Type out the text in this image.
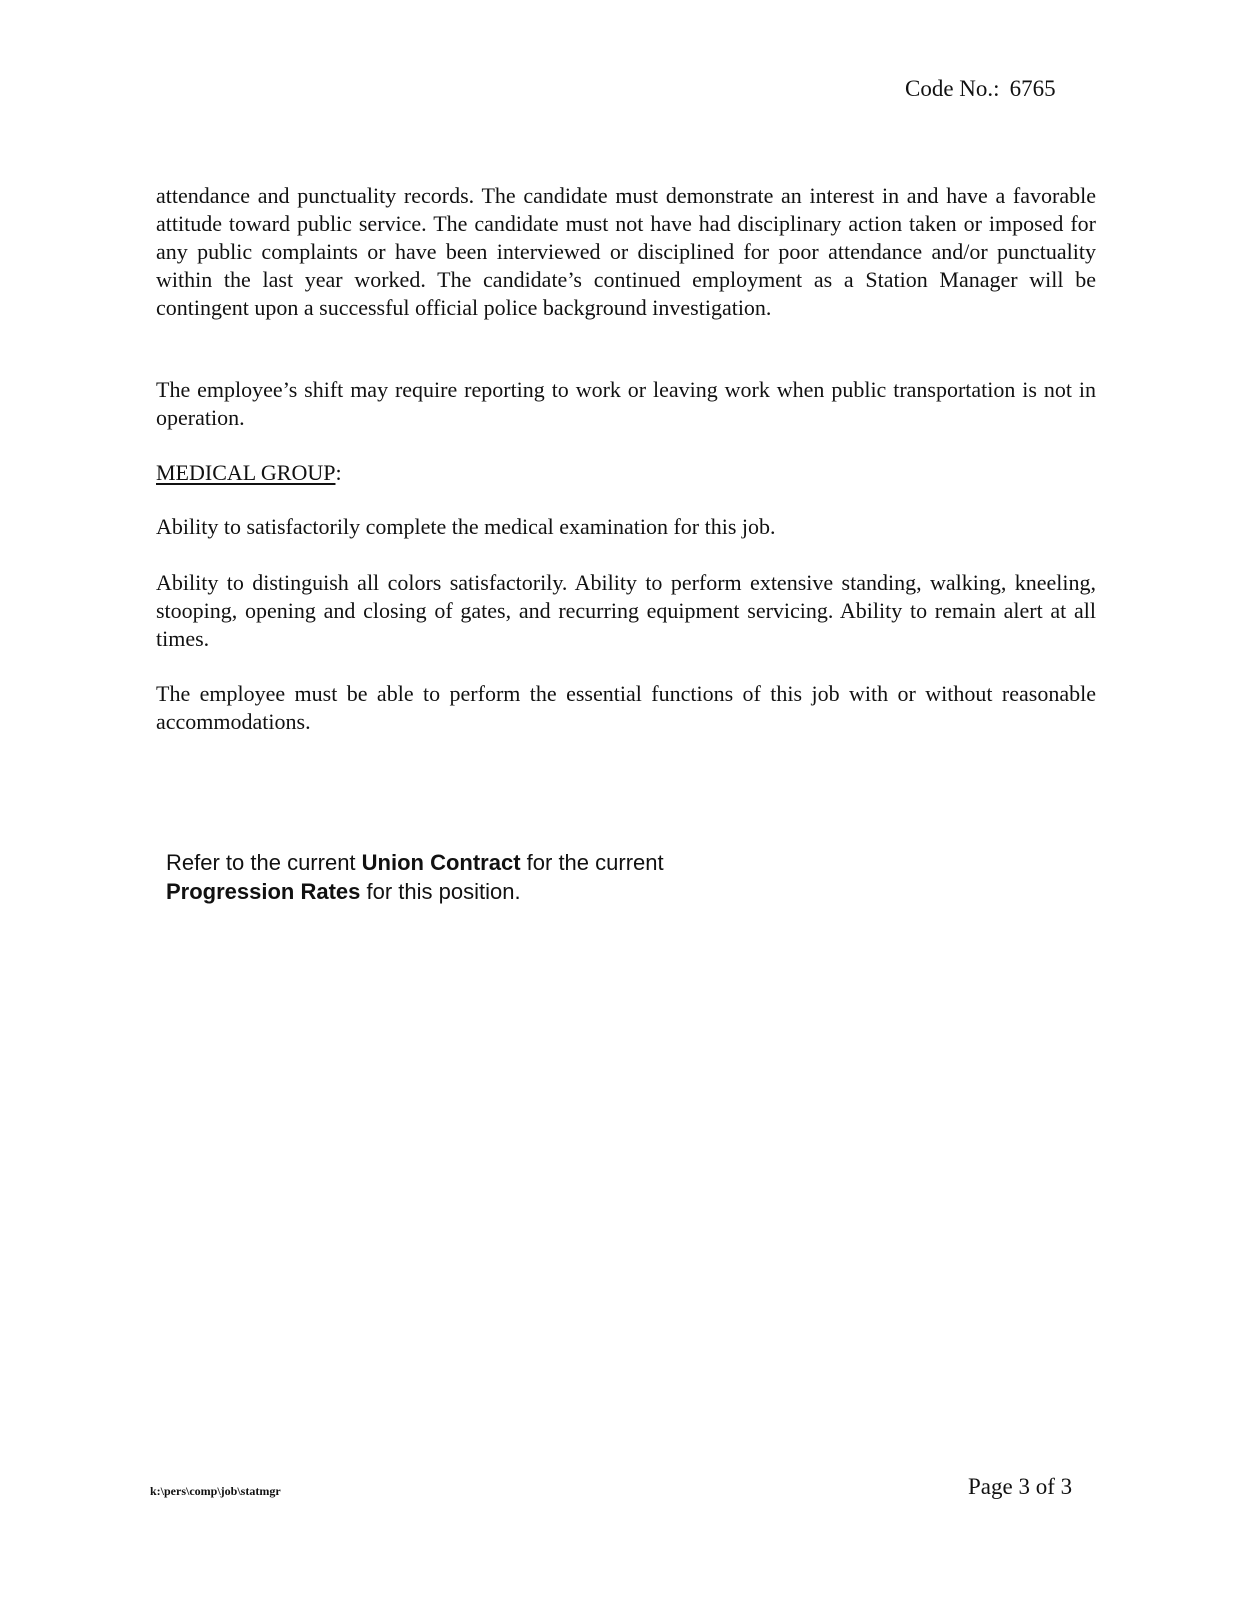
Code No.: 6765

attendance and punctuality records. The candidate must demonstrate an interest in and have a favorable attitude toward public service. The candidate must not have had disciplinary action taken or imposed for any public complaints or have been interviewed or disciplined for poor attendance and/or punctuality within the last year worked. The candidate’s continued employment as a Station Manager will be contingent upon a successful official police background investigation.

The employee’s shift may require reporting to work or leaving work when public transportation is not in operation.

MEDICAL GROUP:

Ability to satisfactorily complete the medical examination for this job.

Ability to distinguish all colors satisfactorily. Ability to perform extensive standing, walking, kneeling, stooping, opening and closing of gates, and recurring equipment servicing. Ability to remain alert at all times.

The employee must be able to perform the essential functions of this job with or without reasonable accommodations.

Refer to the current Union Contract for the current Progression Rates for this position.
k:\pers\comp\job\statmgr	Page 3 of 3
